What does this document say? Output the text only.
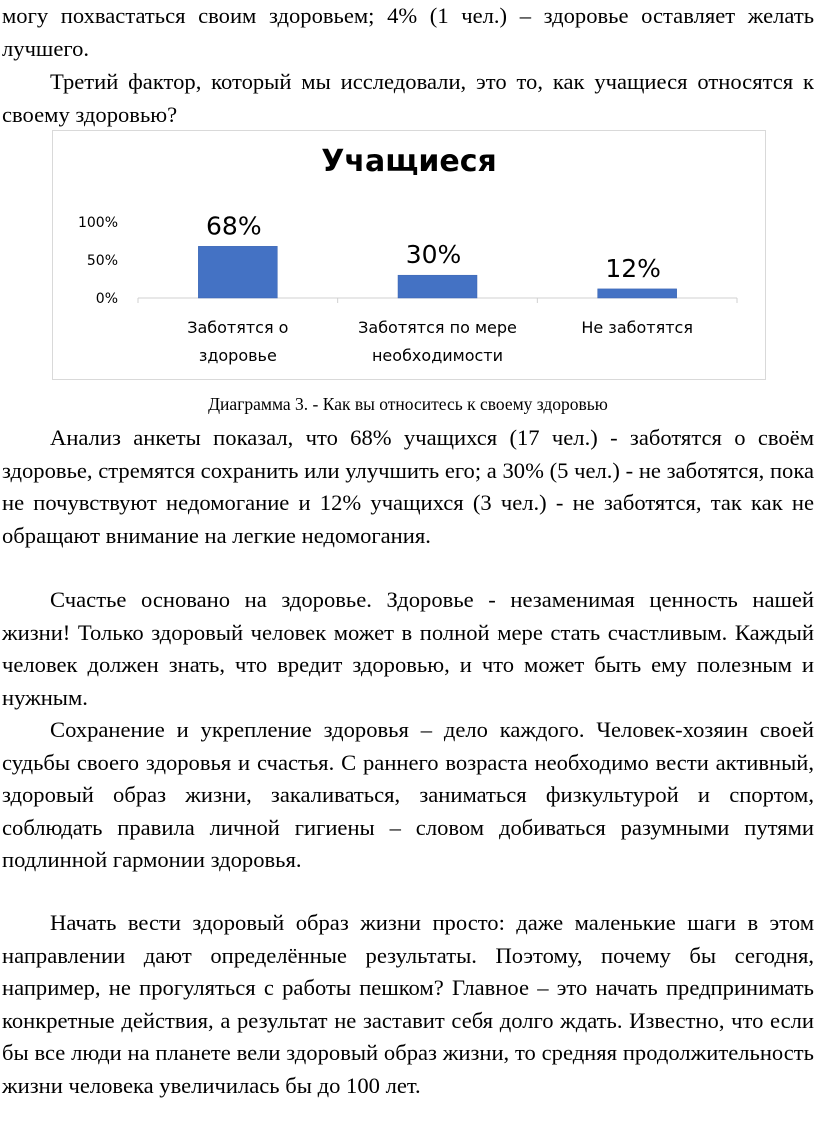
могу похвастаться своим здоровьем; 4% (1 чел.) – здоровье оставляет желать лучшего.

Третий фактор, который мы исследовали, это то, как учащиеся относятся к своему здоровью?

Учащиеся
0%
50%
100%	68%
Заботятся о
здоровье
30%
Заботятся по мере
необходимости
12%
Не заботятся
Диаграмма 3. - Как вы относитесь к своему здоровью

Анализ анкеты показал, что 68% учащихся (17 чел.) - заботятся о своём здоровье, стремятся сохранить или улучшить его; а 30% (5 чел.) - не заботятся, пока не почувствуют недомогание и 12% учащихся (3 чел.) - не заботятся, так как не обращают внимание на легкие недомогания.

Счастье основано на здоровье. Здоровье - незаменимая ценность нашей жизни! Только здоровый человек может в полной мере стать счастливым. Каждый человек должен знать, что вредит здоровью, и что может быть ему полезным и нужным.

Сохранение и укрепление здоровья – дело каждого. Человек-хозяин своей судьбы своего здоровья и счастья. С раннего возраста необходимо вести активный, здоровый образ жизни, закаливаться, заниматься физкультурой и спортом, соблюдать правила личной гигиены – словом добиваться разумными путями подлинной гармонии здоровья.

Начать вести здоровый образ жизни просто: даже маленькие шаги в этом направлении дают определённые результаты. Поэтому, почему бы сегодня, например, не прогуляться с работы пешком? Главное – это начать предпринимать конкретные действия, а результат не заставит себя долго ждать. Известно, что если бы все люди на планете вели здоровый образ жизни, то средняя продолжительность жизни человека увеличилась бы до 100 лет.
